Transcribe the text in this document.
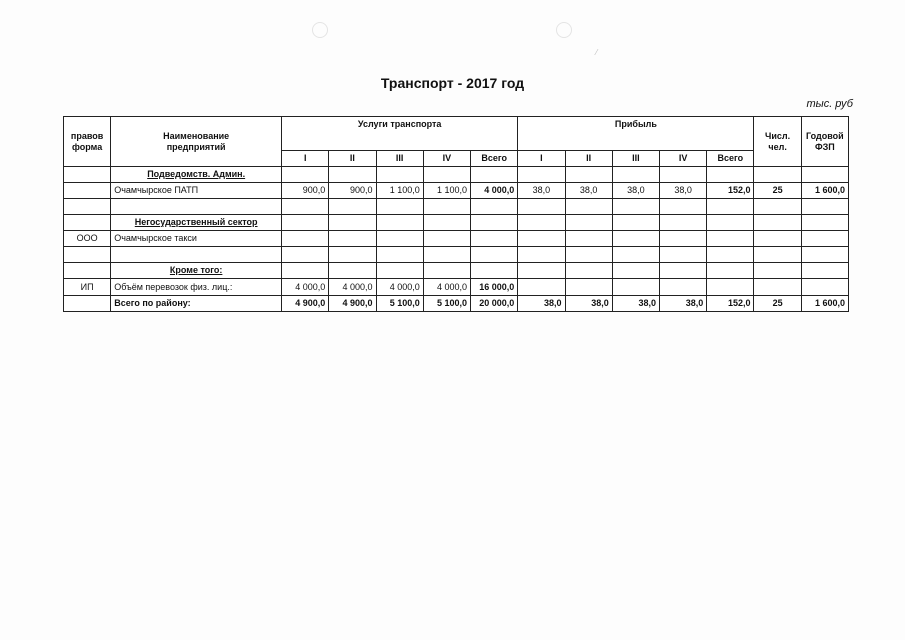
⁄
Транспорт - 2017 год
тыс. руб
правов форма	Наименование предприятий	Услуги транспорта					Прибыль					Числ. чел.	Годовой ФЗП
		I	II	III	IV	Всего	I	II	III	IV	Всего		
	Подведомств. Админ.												
	Очамчырское ПАТП	900,0	900,0	1 100,0	1 100,0	4 000,0	38,0	38,0	38,0	38,0	152,0	25	1 600,0

	Негосударственный сектор												
ООО	Очамчырское такси												

	Кроме того:												
ИП	Объём перевозок физ. лиц.:	4 000,0	4 000,0	4 000,0	4 000,0	16 000,0							
	Всего по району:	4 900,0	4 900,0	5 100,0	5 100,0	20 000,0	38,0	38,0	38,0	38,0	152,0	25	1 600,0
